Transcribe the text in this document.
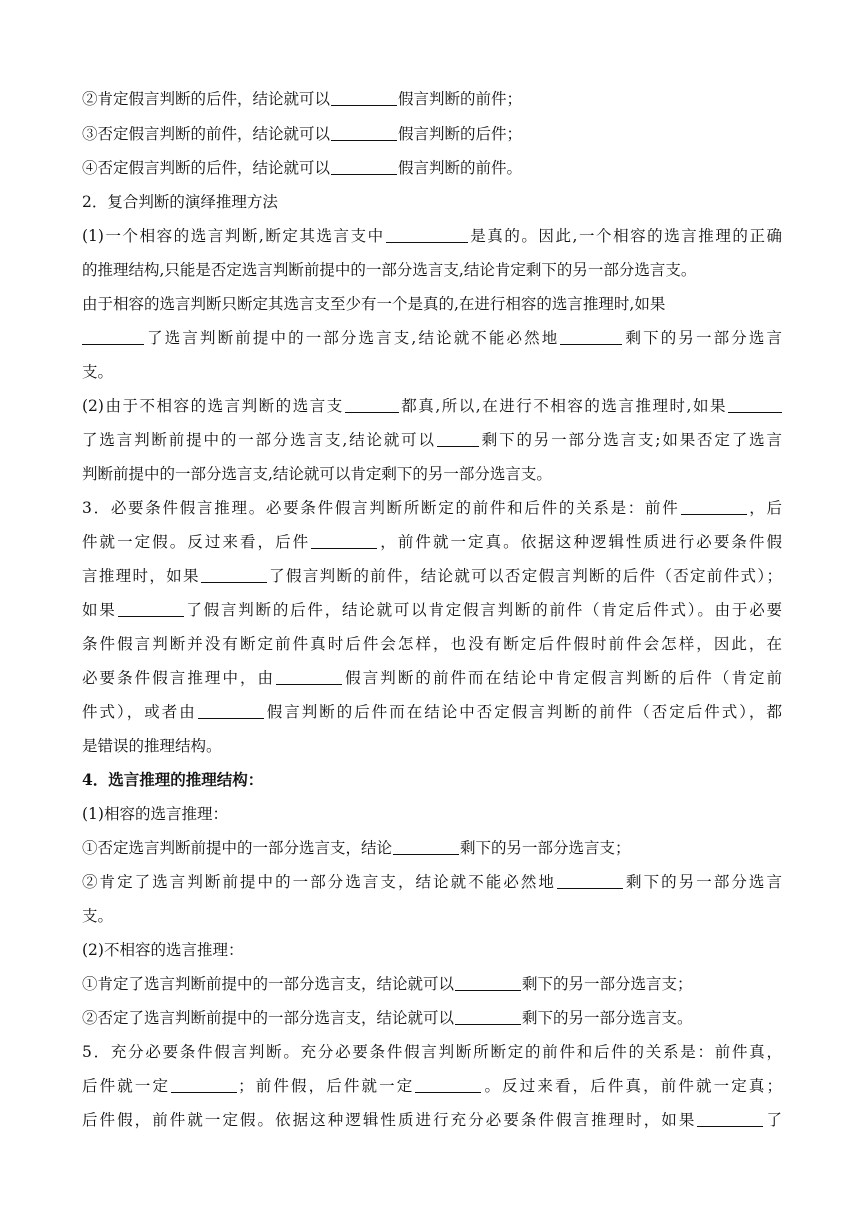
②肯定假言判断的后件，结论就可以	假言判断的前件；
③否定假言判断的前件，结论就可以	假言判断的后件；
④否定假言判断的后件，结论就可以	假言判断的前件。
2．复合判断的演绎推理方法
(1)一个相容的选言判断,断定其选言支中	是真的。因此,一个相容的选言推理的正确
的推理结构,只能是否定选言判断前提中的一部分选言支,结论肯定剩下的另一部分选言支。
由于相容的选言判断只断定其选言支至少有一个是真的,在进行相容的选言推理时,如果
了选言判断前提中的一部分选言支,结论就不能必然地	剩下的另一部分选言
支。
(2)由于不相容的选言判断的选言支	都真,所以,在进行不相容的选言推理时,如果
了选言判断前提中的一部分选言支,结论就可以	剩下的另一部分选言支;如果否定了选言
判断前提中的一部分选言支,结论就可以肯定剩下的另一部分选言支。
3．必要条件假言推理。必要条件假言判断所断定的前件和后件的关系是：前件	，后
件就一定假。反过来看，后件	，前件就一定真。依据这种逻辑性质进行必要条件假
言推理时，如果	了假言判断的前件，结论就可以否定假言判断的后件（否定前件式）；
如果	了假言判断的后件，结论就可以肯定假言判断的前件（肯定后件式）。由于必要
条件假言判断并没有断定前件真时后件会怎样，也没有断定后件假时前件会怎样，因此，在
必要条件假言推理中，由	假言判断的前件而在结论中肯定假言判断的后件（肯定前
件式），或者由	假言判断的后件而在结论中否定假言判断的前件（否定后件式），都
是错误的推理结构。
4．选言推理的推理结构：
(1)相容的选言推理：
①否定选言判断前提中的一部分选言支，结论	剩下的另一部分选言支；
②肯定了选言判断前提中的一部分选言支，结论就不能必然地	剩下的另一部分选言
支。
(2)不相容的选言推理：
①肯定了选言判断前提中的一部分选言支，结论就可以	剩下的另一部分选言支；
②否定了选言判断前提中的一部分选言支，结论就可以	剩下的另一部分选言支。
5．充分必要条件假言判断。充分必要条件假言判断所断定的前件和后件的关系是：前件真，
后件就一定	；前件假，后件就一定	。反过来看，后件真，前件就一定真；
后件假，前件就一定假。依据这种逻辑性质进行充分必要条件假言推理时，如果	了
